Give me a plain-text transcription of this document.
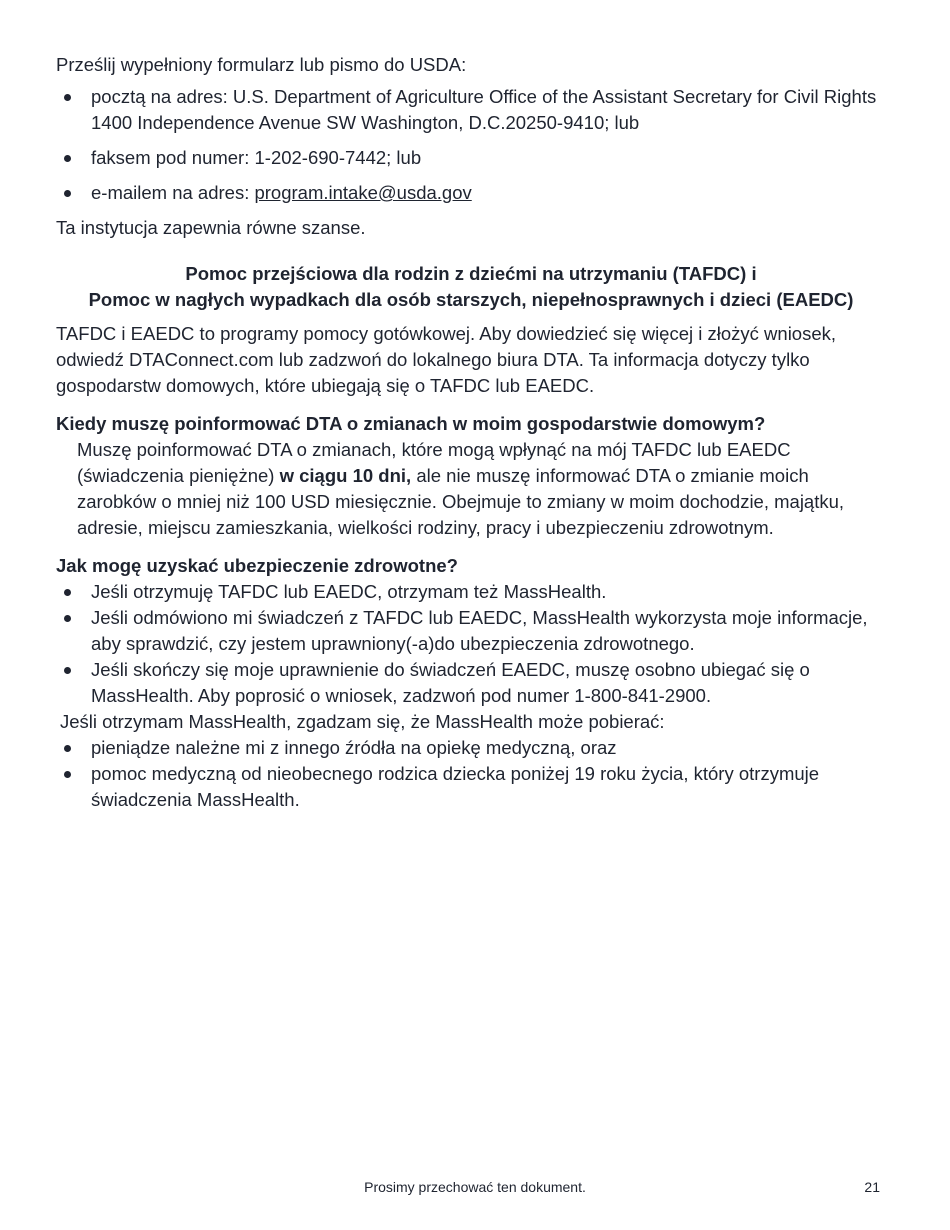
Prześlij wypełniony formularz lub pismo do USDA:

pocztą na adres: U.S. Department of Agriculture Office of the Assistant Secretary for Civil Rights 1400 Independence Avenue SW Washington, D.C.20250-9410; lub
faksem pod numer: 1-202-690-7442; lub
e-mailem na adres: program.intake@usda.gov

Ta instytucja zapewnia równe szanse.

Pomoc przejściowa dla rodzin z dziećmi na utrzymaniu (TAFDC) i
Pomoc w nagłych wypadkach dla osób starszych, niepełnosprawnych i dzieci (EAEDC)

TAFDC i EAEDC to programy pomocy gotówkowej. Aby dowiedzieć się więcej i złożyć wniosek, odwiedź DTAConnect.com lub zadzwoń do lokalnego biura DTA. Ta informacja dotyczy tylko gospodarstw domowych, które ubiegają się o TAFDC lub EAEDC.

Kiedy muszę poinformować DTA o zmianach w moim gospodarstwie domowym?

Muszę poinformować DTA o zmianach, które mogą wpłynąć na mój TAFDC lub EAEDC (świadczenia pieniężne) w ciągu 10 dni, ale nie muszę informować DTA o zmianie moich zarobków o mniej niż 100 USD miesięcznie. Obejmuje to zmiany w moim dochodzie, majątku, adresie, miejscu zamieszkania, wielkości rodziny, pracy i ubezpieczeniu zdrowotnym.

Jak mogę uzyskać ubezpieczenie zdrowotne?

Jeśli otrzymuję TAFDC lub EAEDC, otrzymam też MassHealth.
Jeśli odmówiono mi świadczeń z TAFDC lub EAEDC, MassHealth wykorzysta moje informacje, aby sprawdzić, czy jestem uprawniony(-a)do ubezpieczenia zdrowotnego.
Jeśli skończy się moje uprawnienie do świadczeń EAEDC, muszę osobno ubiegać się o MassHealth. Aby poprosić o wniosek, zadzwoń pod numer 1-800-841-2900.

Jeśli otrzymam MassHealth, zgadzam się, że MassHealth może pobierać:

pieniądze należne mi z innego źródła na opiekę medyczną, oraz
pomoc medyczną od nieobecnego rodzica dziecka poniżej 19 roku życia, który otrzymuje świadczenia MassHealth.
Prosimy przechować ten dokument.	21
